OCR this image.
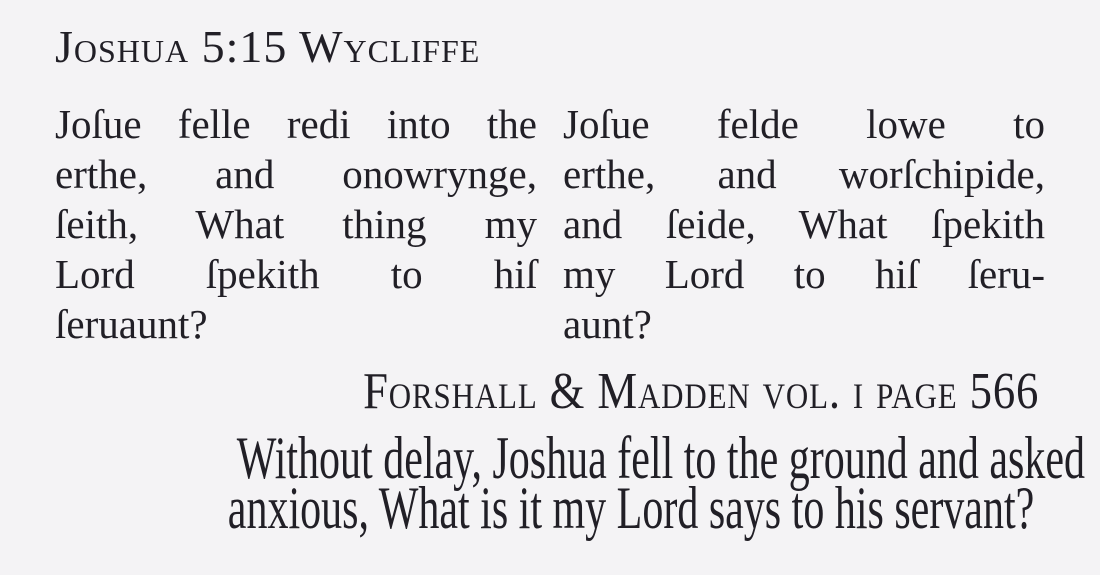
Joshua 5:15 Wycliffe
Joſue felle redi into the
erthe, and onowrynge,
ſeith, What thing my
Lord ſpekith to hiſ
ſeruaunt?
Joſue felde lowe to
erthe, and worſchipide,
and ſeide, What ſpekith
my Lord to hiſ ſeru-
aunt?
Forshall & Madden vol. i page 566
Without delay, Joshua fell to the ground and asked
anxious, What is it my Lord says to his servant?
